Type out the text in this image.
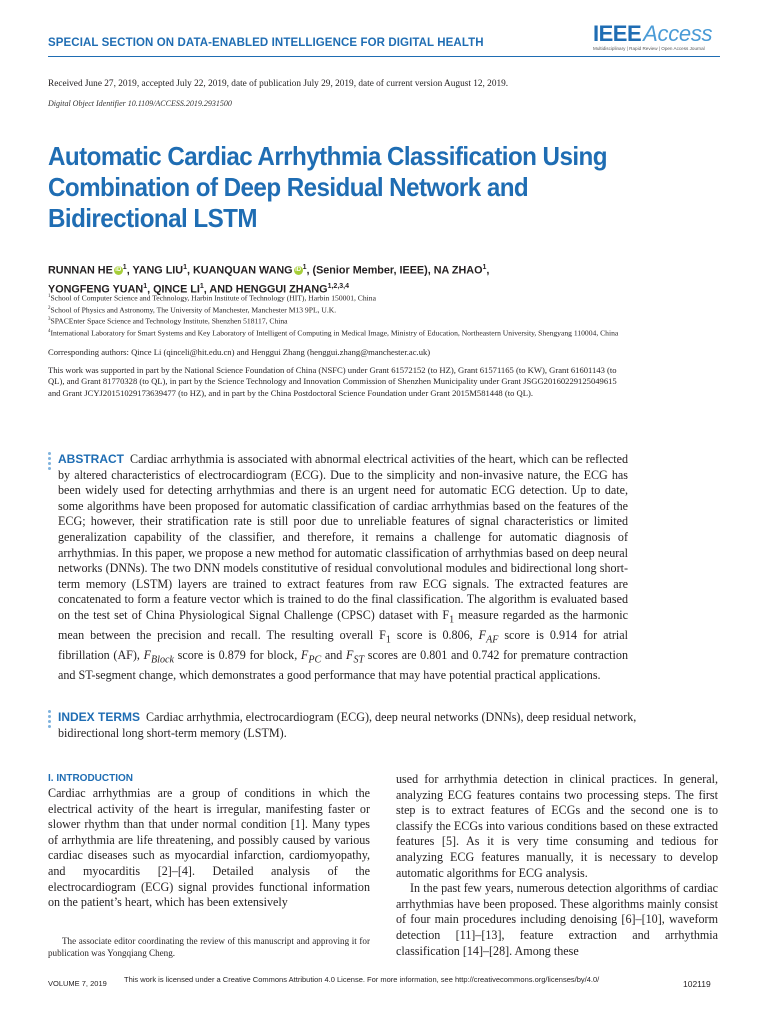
SPECIAL SECTION ON DATA-ENABLED INTELLIGENCE FOR DIGITAL HEALTH	IEEEAccess
Multidisciplinary | Rapid Review | Open Access Journal
Received June 27, 2019, accepted July 22, 2019, date of publication July 29, 2019, date of current version August 12, 2019.
Digital Object Identifier 10.1109/ACCESS.2019.2931500
Automatic Cardiac Arrhythmia Classification Using Combination of Deep Residual Network and Bidirectional LSTM
RUNNAN HE iD $^1$, YANG LIU$^1$, KUANQUAN WANG iD $^1$, (Senior Member, IEEE), NA ZHAO$^1$,
YONGFENG YUAN$^1$, QINCE $LI^1$, AND HENGGUI ZHANG$^{1,2,3,4}$
$^1$School of Computer Science and Technology, Harbin Institute of Technology (HIT), Harbin 150001, China
$^2$School of Physics and Astronomy, The University of Manchester, Manchester M13 9PL, U.K.
$^3$SPACEnter Space Science and Technology Institute, Shenzhen 518117, China
$^4$International Laboratory for Smart Systems and Key Laboratory of Intelligent of Computing in Medical Image, Ministry of Education, Northeastern University, Shengyang 110004, China
Corresponding authors: Qince Li (qinceli@hit.edu.cn) and Henggui Zhang (henggui.zhang@manchester.ac.uk)
This work was supported in part by the National Science Foundation of China (NSFC) under Grant 61572152 (to HZ), Grant 61571165 (to KW), Grant 61601143 (to QL), and Grant 81770328 (to QL), in part by the Science Technology and Innovation Commission of Shenzhen Municipality under Grant JSGG20160229125049615 and Grant JCYJ20151029173639477 (to HZ), and in part by the China Postdoctoral Science Foundation under Grant 2015M581448 (to QL).
ABSTRACT Cardiac arrhythmia is associated with abnormal electrical activities of the heart, which can be reflected by altered characteristics of electrocardiogram (ECG). Due to the simplicity and non-invasive nature, the ECG has been widely used for detecting arrhythmias and there is an urgent need for automatic ECG detection. Up to date, some algorithms have been proposed for automatic classification of cardiac arrhythmias based on the features of the ECG; however, their stratification rate is still poor due to unreliable features of signal characteristics or limited generalization capability of the classifier, and therefore, it remains a challenge for automatic diagnosis of arrhythmias. In this paper, we propose a new method for automatic classification of arrhythmias based on deep neural networks (DNNs). The two DNN models constitutive of residual convolutional modules and bidirectional long short-term memory (LSTM) layers are trained to extract features from raw ECG signals. The extracted features are concatenated to form a feature vector which is trained to do the final classification. The algorithm is evaluated based on the test set of China Physiological Signal Challenge (CPSC) dataset with $F_1$ measure regarded as the harmonic mean between the precision and recall. The resulting overall $F_1$ score is 0.806, $F_{AF}$ score is 0.914 for atrial fibrillation (AF), $F_{Block}$ score is 0.879 for block, $F_{PC}$ and $F_{ST}$ scores are 0.801 and 0.742 for premature contraction and ST-segment change, which demonstrates a good performance that may have potential practical applications.
INDEX TERMS Cardiac arrhythmia, electrocardiogram (ECG), deep neural networks (DNNs), deep residual network, bidirectional long short-term memory (LSTM).
I. INTRODUCTION

Cardiac arrhythmias are a group of conditions in which the electrical activity of the heart is irregular, manifesting faster or slower rhythm than that under normal condition [1]. Many types of arrhythmia are life threatening, and possibly caused by various cardiac diseases such as myocardial infarction, cardiomyopathy, and myocarditis [2]–[4]. Detailed analysis of the electrocardiogram (ECG) signal provides functional information on the patient’s heart, which has been extensively

used for arrhythmia detection in clinical practices. In general, analyzing ECG features contains two processing steps. The first step is to extract features of ECGs and the second one is to classify the ECGs into various conditions based on these extracted features [5]. As it is very time consuming and tedious for analyzing ECG features manually, it is necessary to develop automatic algorithms for ECG analysis.

In the past few years, numerous detection algorithms of cardiac arrhythmias have been proposed. These algorithms mainly consist of four main procedures including denoising [6]–[10], waveform detection [11]–[13], feature extraction and arrhythmia classification [14]–[28]. Among these

The associate editor coordinating the review of this manuscript and approving it for publication was Yongqiang Cheng.
VOLUME 7, 2019 This work is licensed under a Creative Commons Attribution 4.0 License. For more information, see http://creativecommons.org/licenses/by/4.0/	102119
